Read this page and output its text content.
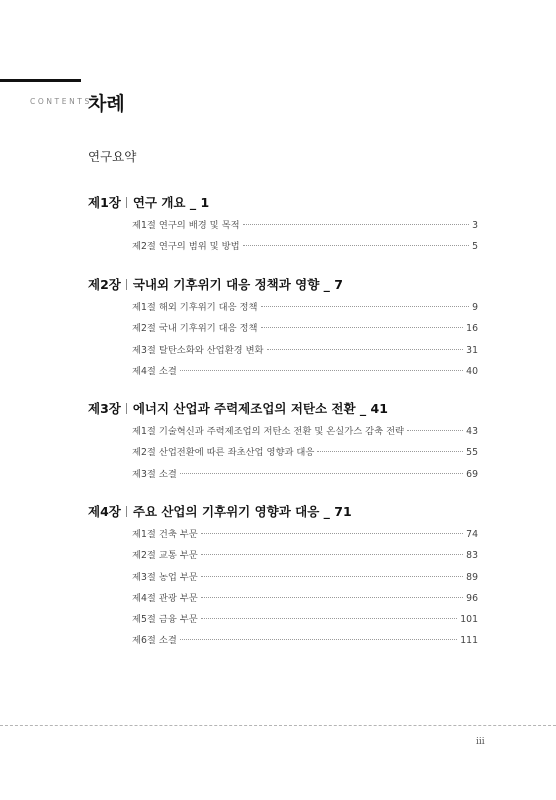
CONTENTS
차례
연구요약
제1장 연구 개요 _ 1
제1절 연구의 배경 및 목적	3
제2절 연구의 범위 및 방법	5
제2장 국내외 기후위기 대응 정책과 영향 _ 7
제1절 해외 기후위기 대응 정책	9
제2절 국내 기후위기 대응 정책	16
제3절 탈탄소화와 산업환경 변화	31
제4절 소결	40
제3장 에너지 산업과 주력제조업의 저탄소 전환 _ 41
제1절 기술혁신과 주력제조업의 저탄소 전환 및 온실가스 감축 전략	43
제2절 산업전환에 따른 좌초산업 영향과 대응	55
제3절 소결	69
제4장 주요 산업의 기후위기 영향과 대응 _ 71
제1절 건축 부문	74
제2절 교통 부문	83
제3절 농업 부문	89
제4절 관광 부문	96
제5절 금융 부문	101
제6절 소결	111
iii
